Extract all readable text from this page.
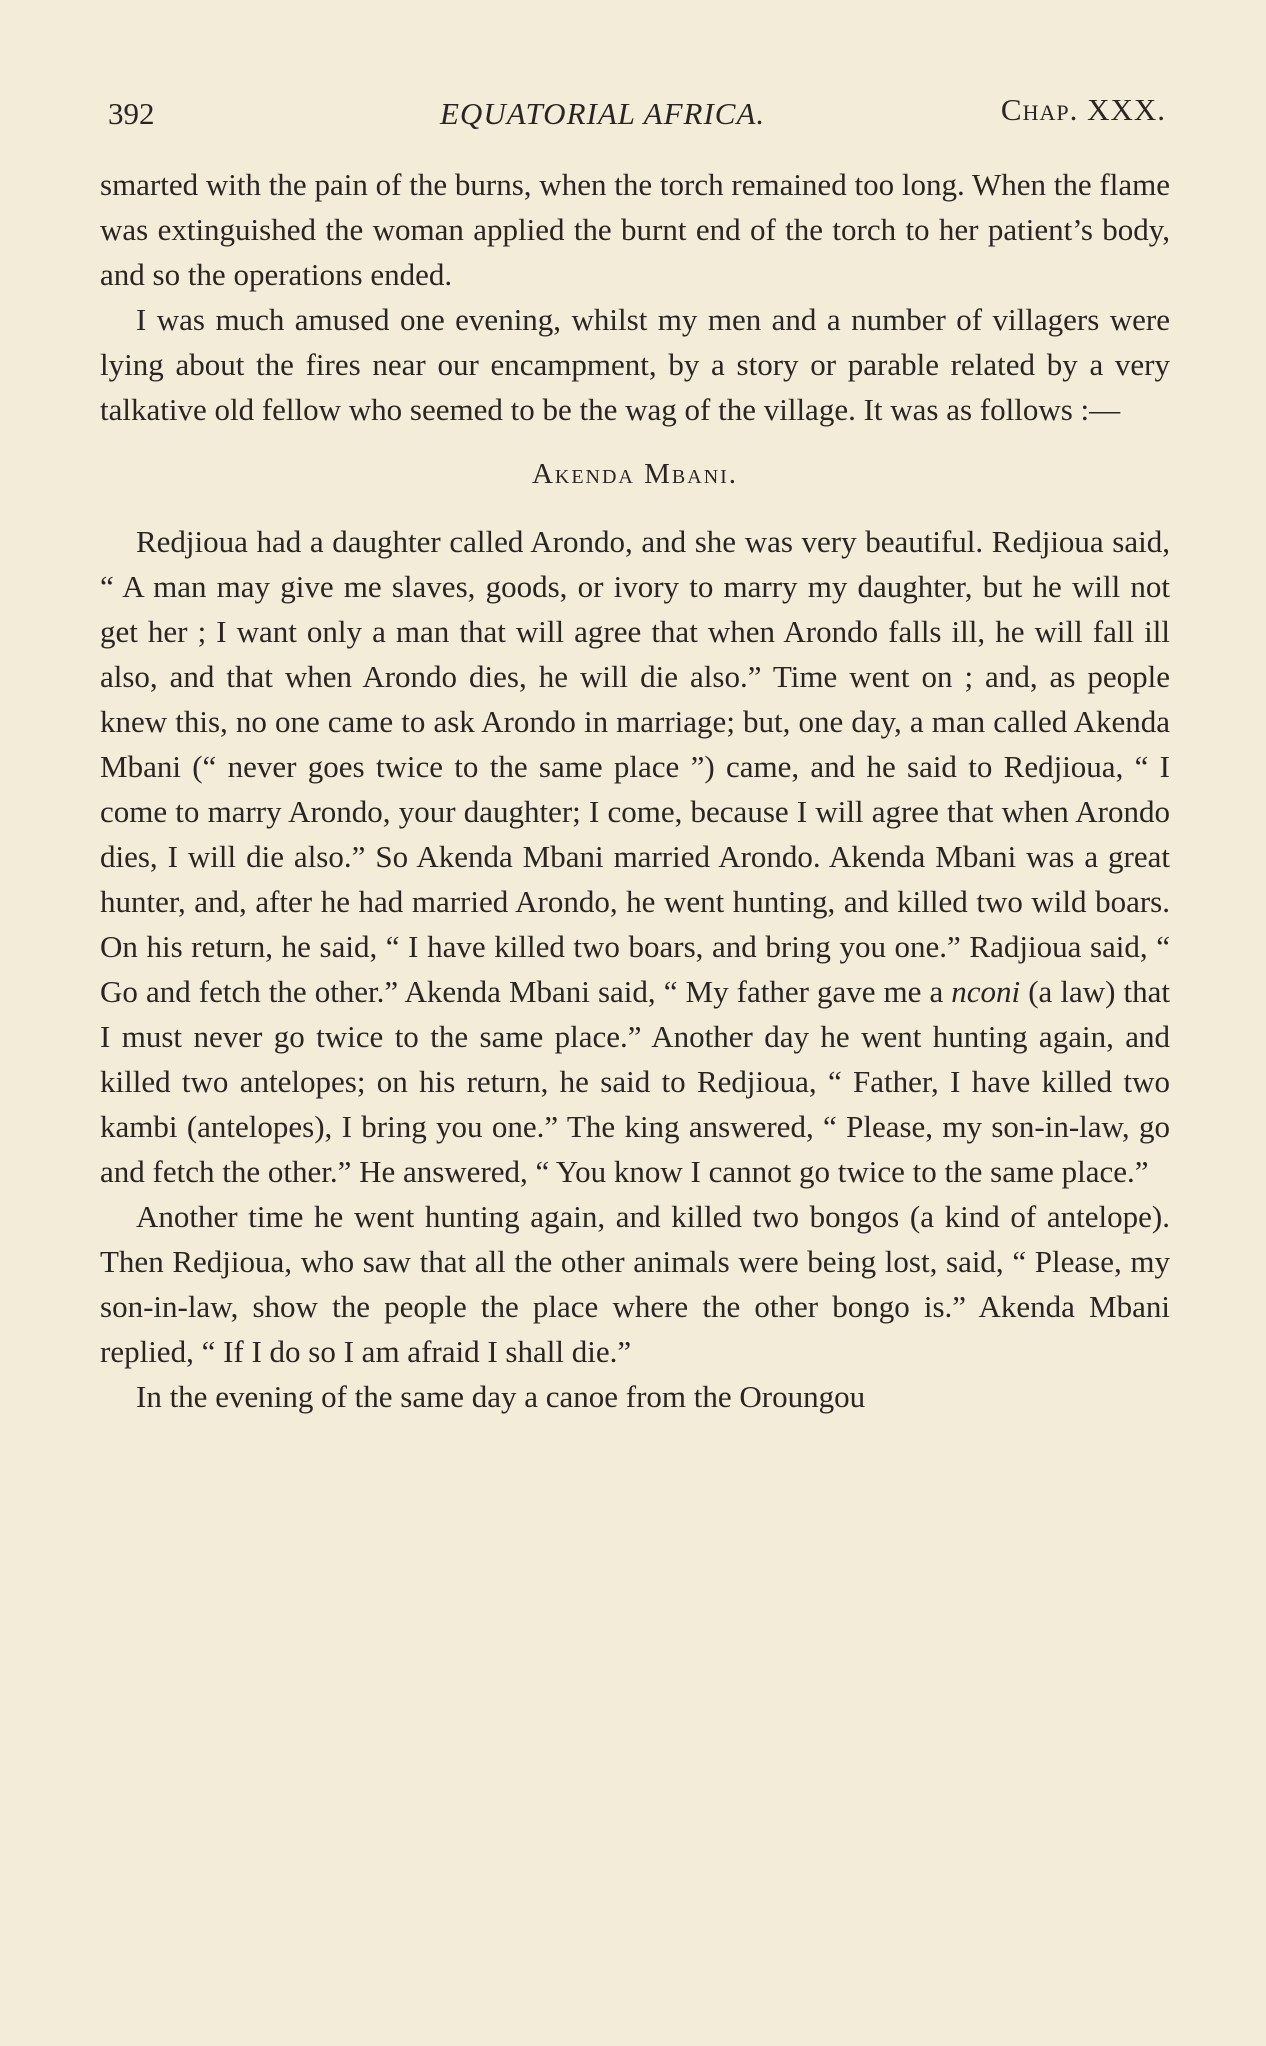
392	EQUATORIAL AFRICA.	Chap. XXX.

smarted with the pain of the burns, when the torch remained too long. When the flame was extinguished the woman applied the burnt end of the torch to her patient’s body, and so the operations ended.

I was much amused one evening, whilst my men and a number of villagers were lying about the fires near our encampment, by a story or parable related by a very talkative old fellow who seemed to be the wag of the village. It was as follows :—

Akenda Mbani.

Redjioua had a daughter called Arondo, and she was very beautiful. Redjioua said, “ A man may give me slaves, goods, or ivory to marry my daughter, but he will not get her ; I want only a man that will agree that when Arondo falls ill, he will fall ill also, and that when Arondo dies, he will die also.” Time went on ; and, as people knew this, no one came to ask Arondo in marriage; but, one day, a man called Akenda Mbani (“ never goes twice to the same place ”) came, and he said to Redjioua, “ I come to marry Arondo, your daughter; I come, because I will agree that when Arondo dies, I will die also.” So Akenda Mbani married Arondo. Akenda Mbani was a great hunter, and, after he had married Arondo, he went hunting, and killed two wild boars. On his return, he said, “ I have killed two boars, and bring you one.” Radjioua said, “ Go and fetch the other.” Akenda Mbani said, “ My father gave me a nconi (a law) that I must never go twice to the same place.” Another day he went hunting again, and killed two antelopes; on his return, he said to Redjioua, “ Father, I have killed two kambi (antelopes), I bring you one.” The king answered, “ Please, my son-in-law, go and fetch the other.” He answered, “ You know I cannot go twice to the same place.”

Another time he went hunting again, and killed two bongos (a kind of antelope). Then Redjioua, who saw that all the other animals were being lost, said, “ Please, my son-in-law, show the people the place where the other bongo is.” Akenda Mbani replied, “ If I do so I am afraid I shall die.”

In the evening of the same day a canoe from the Oroungou
